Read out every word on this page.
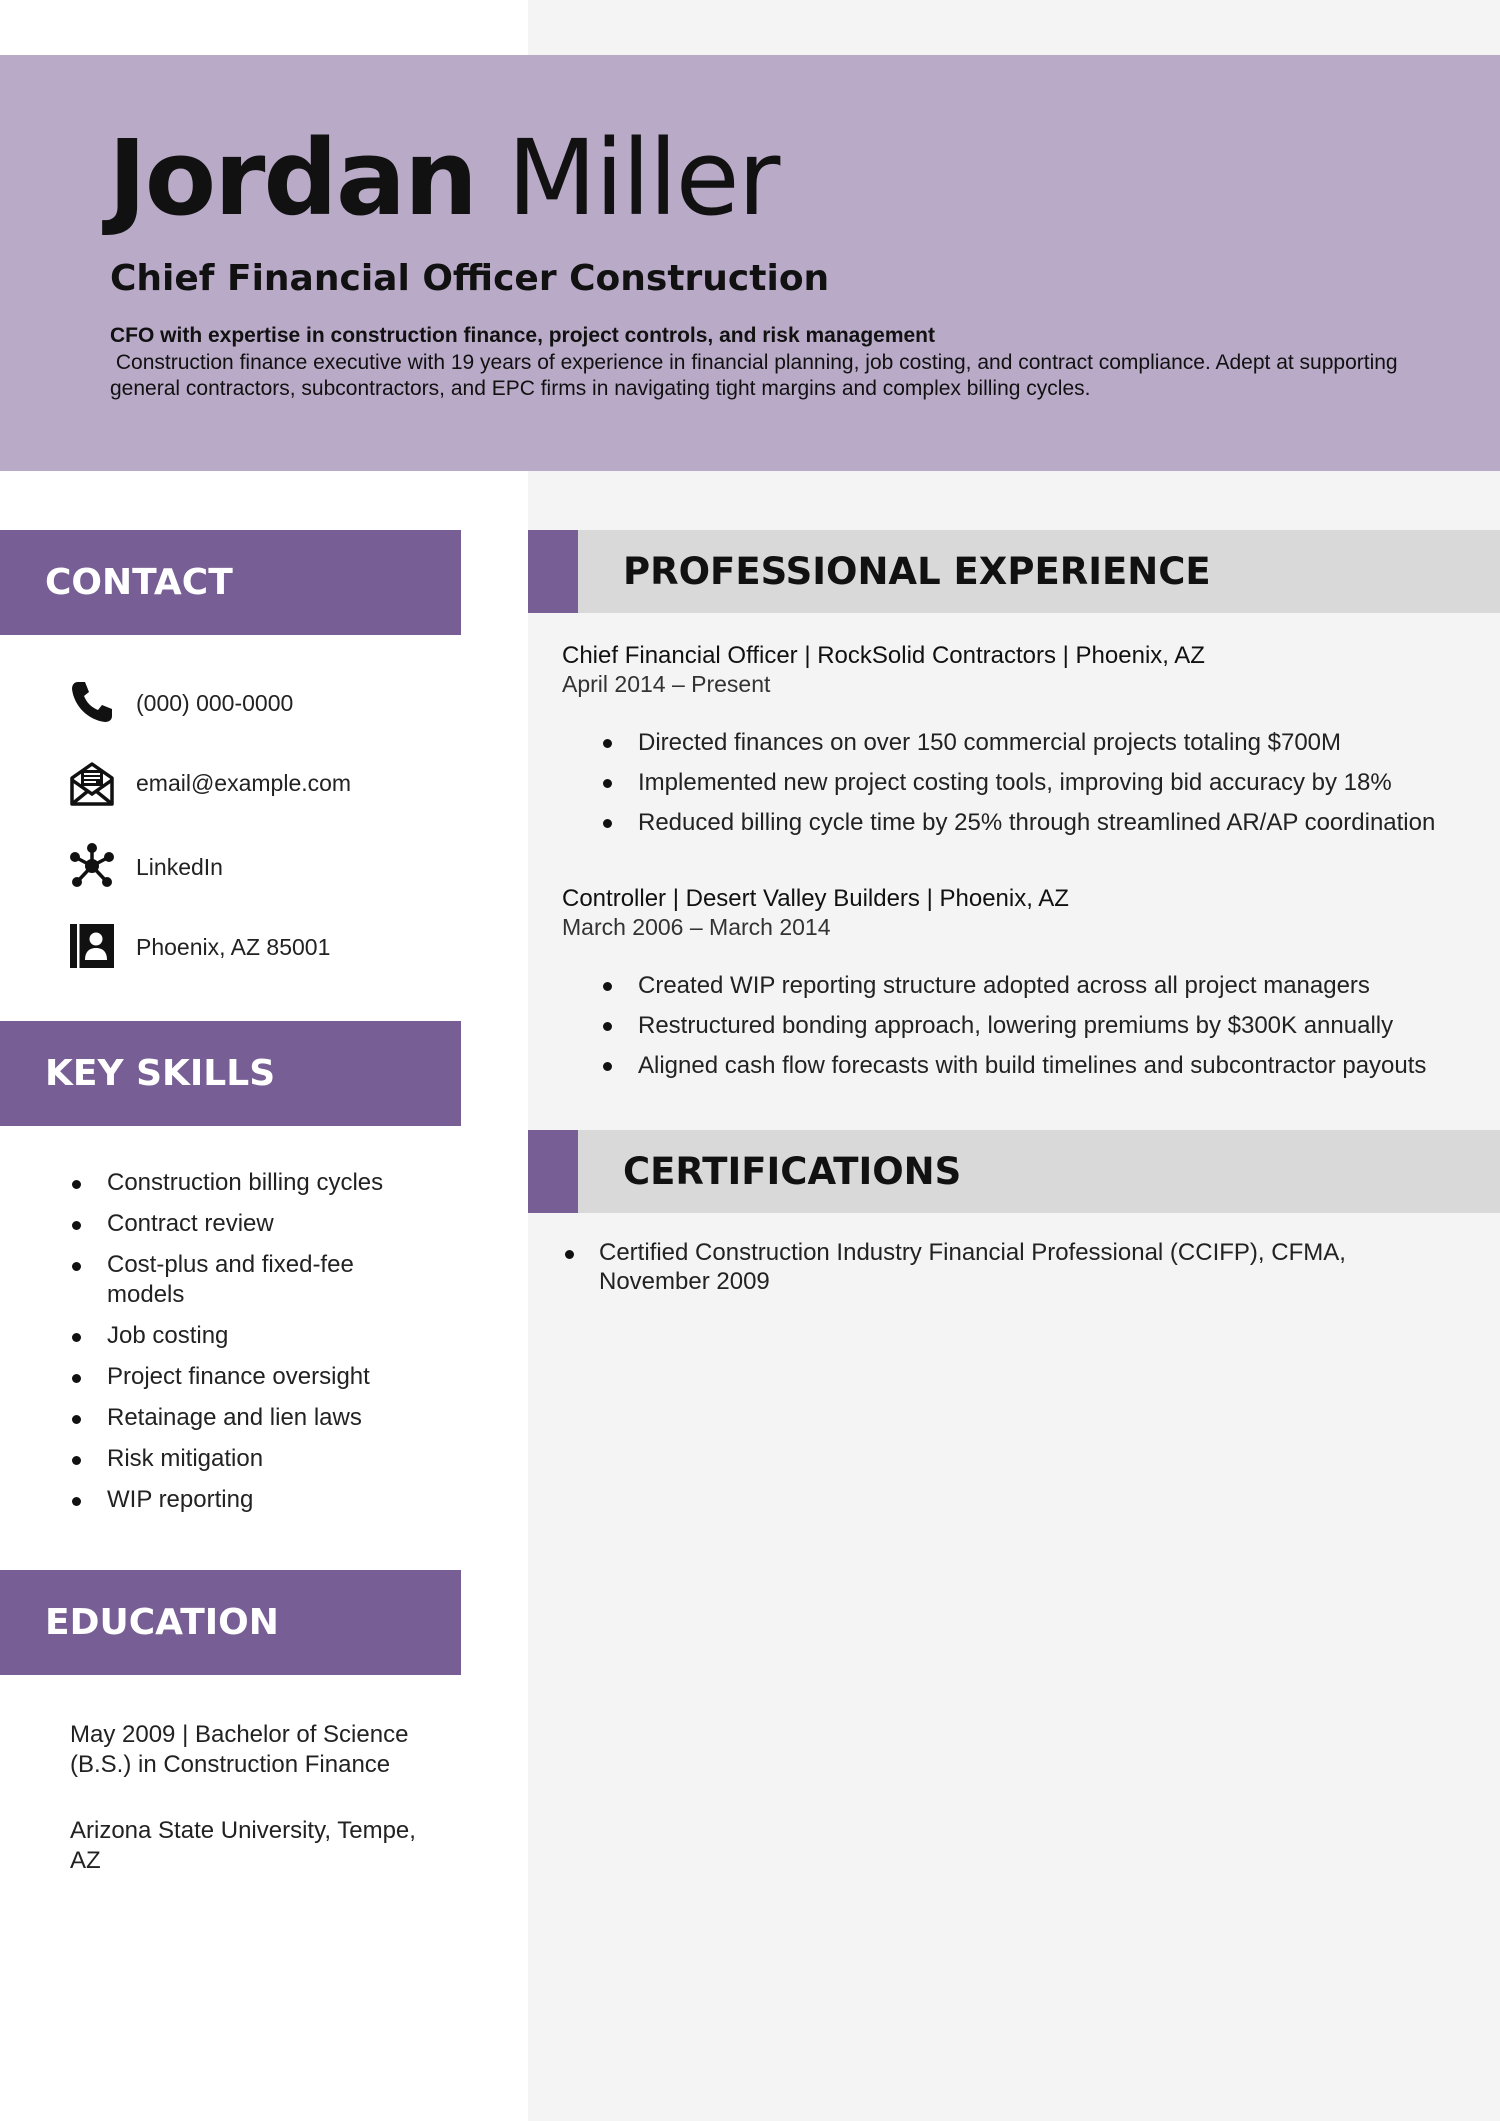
Jordan Miller
Chief Financial Officer Construction
CFO with expertise in construction finance, project controls, and risk management
Construction finance executive with 19 years of experience in financial planning, job costing, and contract compliance. Adept at supporting general contractors, subcontractors, and EPC firms in navigating tight margins and complex billing cycles.
CONTACT
(000) 000-0000
email@example.com
LinkedIn
Phoenix, AZ 85001
KEY SKILLS
Construction billing cycles
Contract review
Cost-plus and fixed-fee models
Job costing
Project finance oversight
Retainage and lien laws
Risk mitigation
WIP reporting
EDUCATION
May 2009 | Bachelor of Science (B.S.) in Construction Finance
Arizona State University, Tempe, AZ
PROFESSIONAL EXPERIENCE
Chief Financial Officer | RockSolid Contractors | Phoenix, AZ
April 2014 – Present
Directed finances on over 150 commercial projects totaling $700M
Implemented new project costing tools, improving bid accuracy by 18%
Reduced billing cycle time by 25% through streamlined AR/AP coordination
Controller | Desert Valley Builders | Phoenix, AZ
March 2006 – March 2014
Created WIP reporting structure adopted across all project managers
Restructured bonding approach, lowering premiums by $300K annually
Aligned cash flow forecasts with build timelines and subcontractor payouts
CERTIFICATIONS
Certified Construction Industry Financial Professional (CCIFP), CFMA, November 2009
